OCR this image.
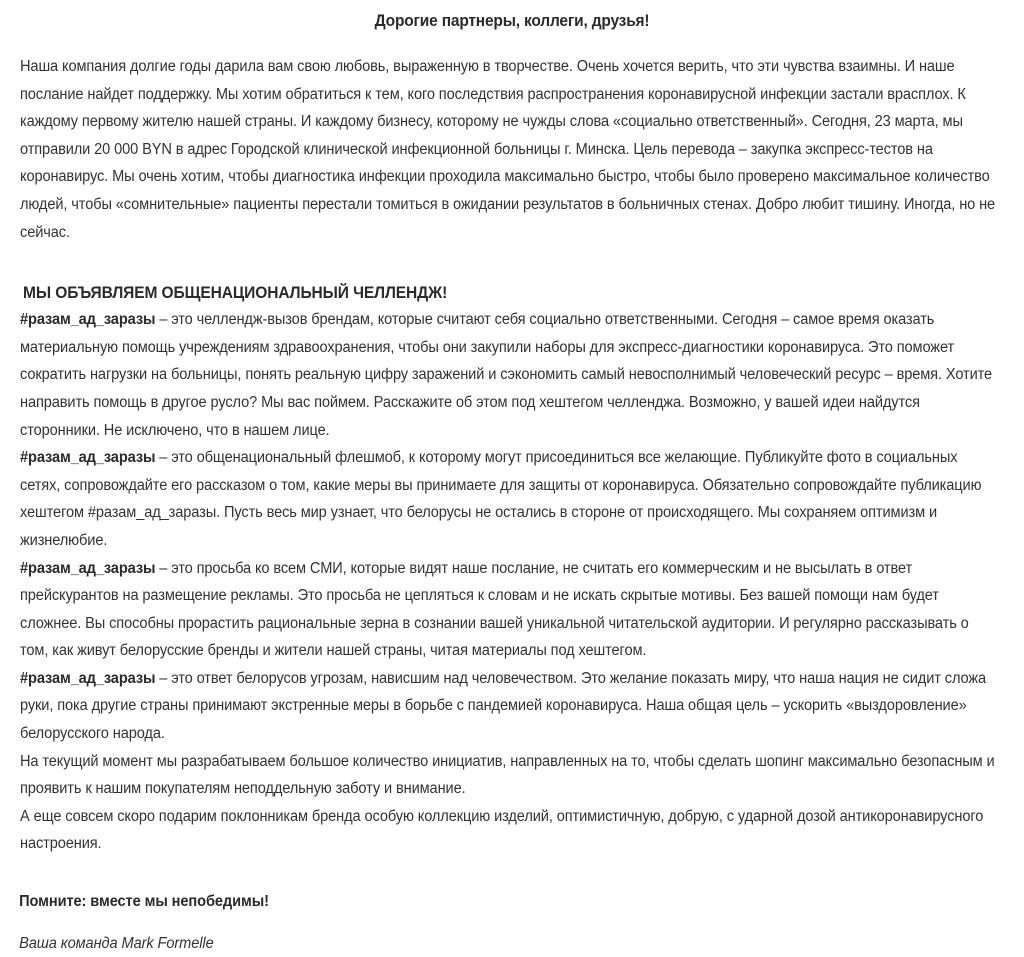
Дорогие партнеры, коллеги, друзья!

Наша компания долгие годы дарила вам свою любовь, выраженную в творчестве. Очень хочется верить, что эти чувства взаимны. И наше послание найдет поддержку. Мы хотим обратиться к тем, кого последствия распространения коронавирусной инфекции застали врасплох. К каждому первому жителю нашей страны. И каждому бизнесу, которому не чужды слова «социально ответственный». Сегодня, 23 марта, мы отправили 20 000 BYN в адрес Городской клинической инфекционной больницы г. Минска. Цель перевода – закупка экспресс-тестов на коронавирус. Мы очень хотим, чтобы диагностика инфекции проходила максимально быстро, чтобы было проверено максимальное количество людей, чтобы «сомнительные» пациенты перестали томиться в ожидании результатов в больничных стенах. Добро любит тишину. Иногда, но не сейчас.

МЫ ОБЪЯВЛЯЕМ ОБЩЕНАЦИОНАЛЬНЫЙ ЧЕЛЛЕНДЖ!

#разам_ад_заразы – это челлендж-вызов брендам, которые считают себя социально ответственными. Сегодня – самое время оказать материальную помощь учреждениям здравоохранения, чтобы они закупили наборы для экспресс-диагностики коронавируса. Это поможет сократить нагрузки на больницы, понять реальную цифру заражений и сэкономить самый невосполнимый человеческий ресурс – время. Хотите направить помощь в другое русло? Мы вас поймем. Расскажите об этом под хештегом челленджа. Возможно, у вашей идеи найдутся сторонники. Не исключено, что в нашем лице.

#разам_ад_заразы – это общенациональный флешмоб, к которому могут присоединиться все желающие. Публикуйте фото в социальных сетях, сопровождайте его рассказом о том, какие меры вы принимаете для защиты от коронавируса. Обязательно сопровождайте публикацию хештегом #разам_ад_заразы. Пусть весь мир узнает, что белорусы не остались в стороне от происходящего. Мы сохраняем оптимизм и жизнелюбие.

#разам_ад_заразы – это просьба ко всем СМИ, которые видят наше послание, не считать его коммерческим и не высылать в ответ прейскурантов на размещение рекламы. Это просьба не цепляться к словам и не искать скрытые мотивы. Без вашей помощи нам будет сложнее. Вы способны прорастить рациональные зерна в сознании вашей уникальной читательской аудитории. И регулярно рассказывать о том, как живут белорусские бренды и жители нашей страны, читая материалы под хештегом.

#разам_ад_заразы – это ответ белорусов угрозам, нависшим над человечеством. Это желание показать миру, что наша нация не сидит сложа руки, пока другие страны принимают экстренные меры в борьбе с пандемией коронавируса. Наша общая цель – ускорить «выздоровление» белорусского народа.

На текущий момент мы разрабатываем большое количество инициатив, направленных на то, чтобы сделать шопинг максимально безопасным и проявить к нашим покупателям неподдельную заботу и внимание.

А еще совсем скоро подарим поклонникам бренда особую коллекцию изделий, оптимистичную, добрую, с ударной дозой антикоронавирусного настроения.

Помните: вместе мы непобедимы!

Ваша команда Mark Formelle
